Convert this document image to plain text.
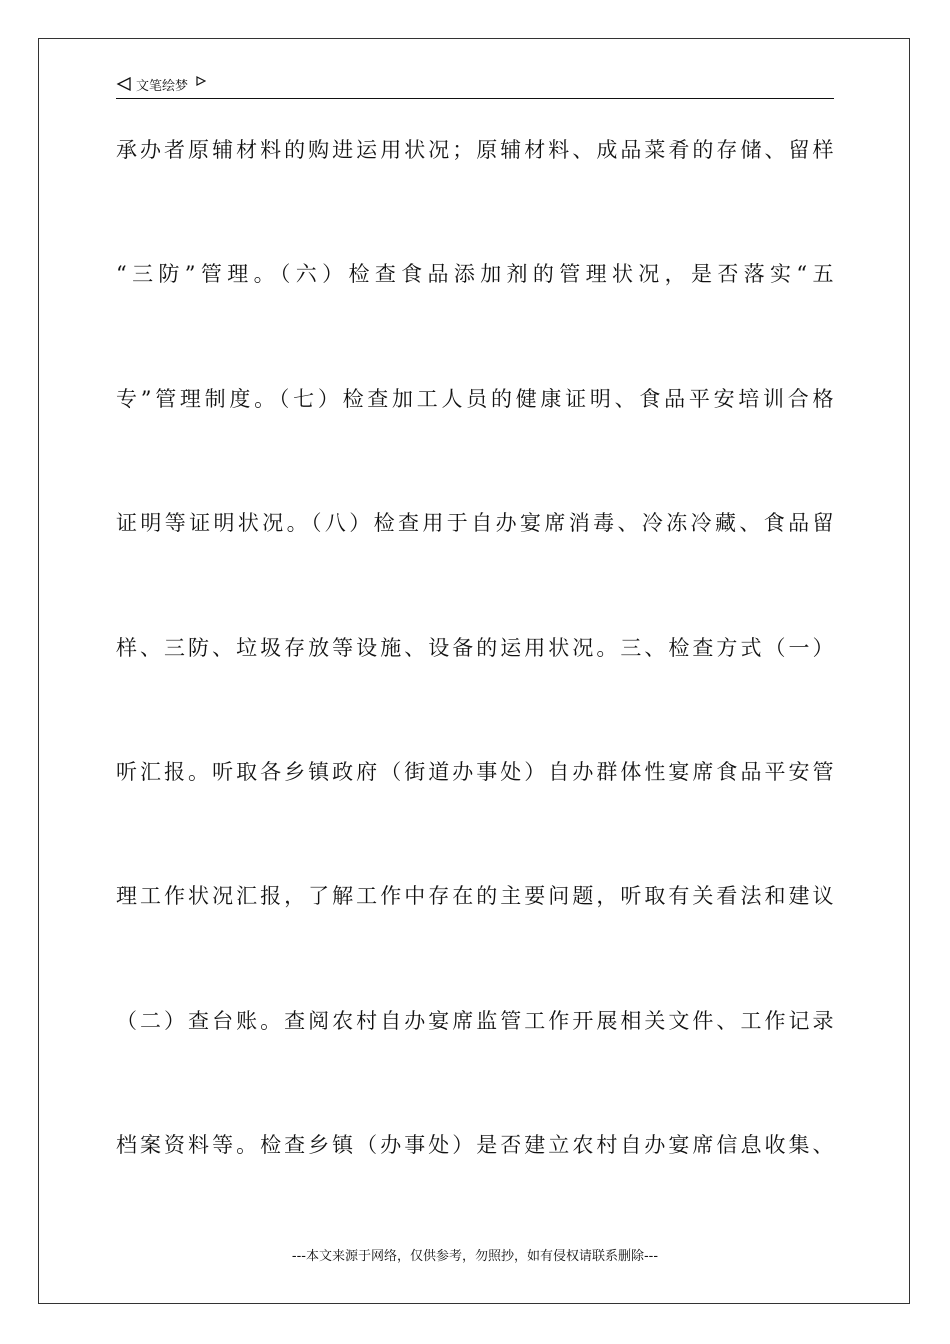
文笔绘梦
承办者原辅材料的购进运用状况；原辅材料、成品菜肴的存储、留样
“三防”管理。（六）检查食品添加剂的管理状况，是否落实“五
专”管理制度。（七）检查加工人员的健康证明、食品平安培训合格
证明等证明状况。（八）检查用于自办宴席消毒、冷冻冷藏、食品留
样、三防、垃圾存放等设施、设备的运用状况。三、检查方式（一）
听汇报。听取各乡镇政府（街道办事处）自办群体性宴席食品平安管
理工作状况汇报，了解工作中存在的主要问题，听取有关看法和建议
（二）查台账。查阅农村自办宴席监管工作开展相关文件、工作记录
档案资料等。检查乡镇（办事处）是否建立农村自办宴席信息收集、
---本文来源于网络，仅供参考，勿照抄，如有侵权请联系删除---
